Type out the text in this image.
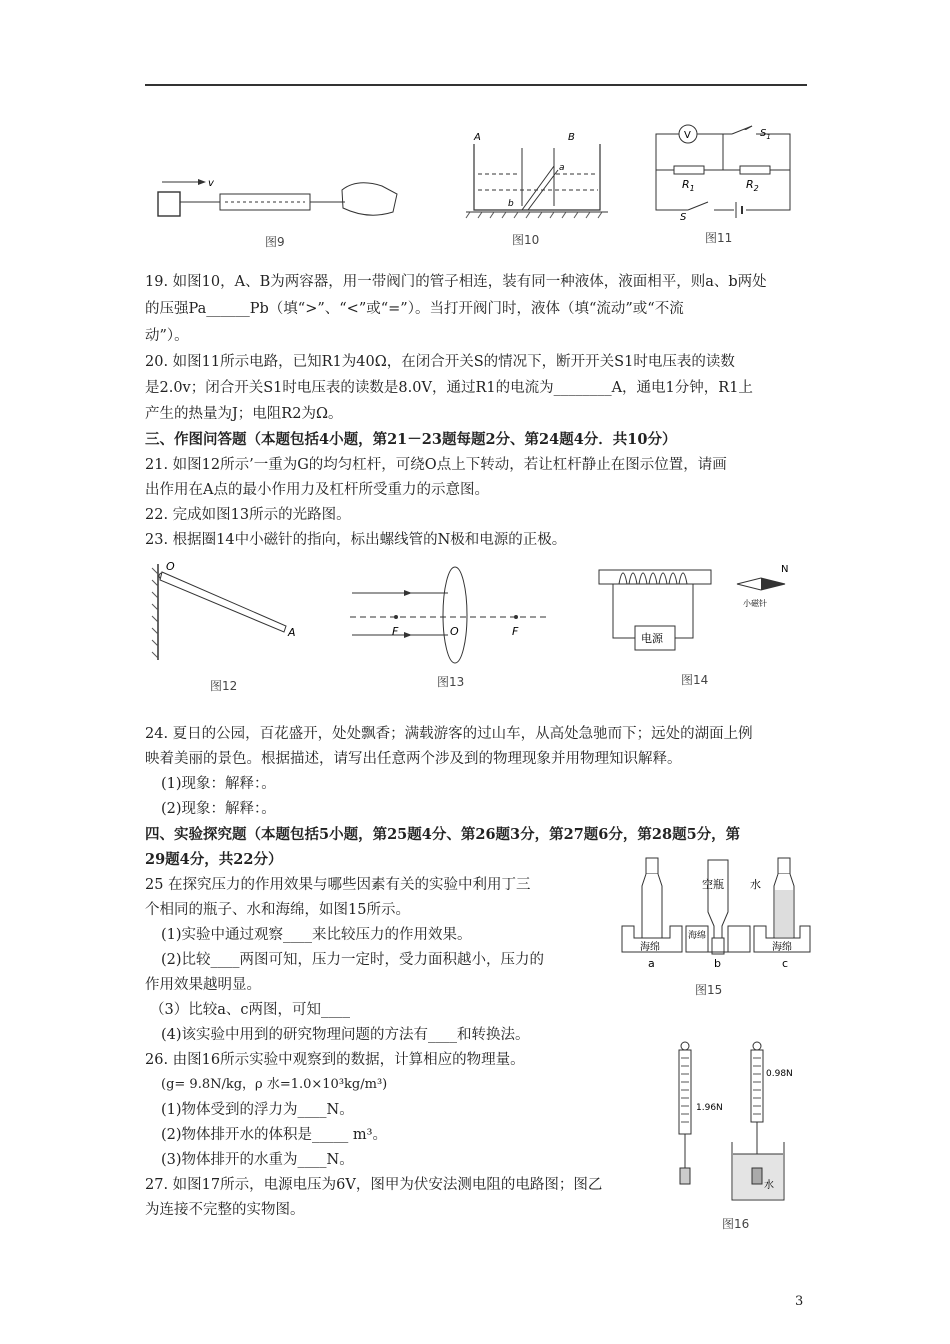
v
图9
A	B
a
b
图10
V	$S_1$
$R_1$	$R_2$
S
图11
19. 如图10，A、B为两容器，用一带阀门的管子相连，装有同一种液体，液面相平，则a、b两处
的压强Pa______Pb（填“>”、“<”或“=”）。当打开阀门时，液体（填“流动”或“不流
动”）。
20. 如图11所示电路，已知R1为40Ω，在闭合开关S的情况下，断开开关S1时电压表的读数
是2.0v；闭合开关S1时电压表的读数是8.0V，通过R1的电流为________A，通电1分钟，R1上
产生的热量为J；电阻R2为Ω。
三、作图问答题（本题包括4小题，第21－23题每题2分、第24题4分．共10分）
21. 如图12所示’一重为G的均匀杠杆，可绕O点上下转动，若让杠杆静止在图示位置，请画
出作用在A点的最小作用力及杠杆所受重力的示意图。
22. 完成如图13所示的光路图。
23. 根据圈14中小磁针的指向，标出螺线管的N极和电源的正极。
O
A
图12
F	O	F
图13
电源
N
小磁针
图14
24. 夏日的公园，百花盛开，处处飘香；满载游客的过山车，从高处急驰而下；远处的湖面上例
映着美丽的景色。根据描述，请写出任意两个涉及到的物理现象并用物理知识解释。
(1)现象：解释：。
(2)现象：解释：。
四、实验探究题（本题包括5小题，第25题4分、第26题3分，第27题6分，第28题5分，第
29题4分，共22分）
25 在探究压力的作用效果与哪些因素有关的实验中利用丁三
个相同的瓶子、水和海绵，如图15所示。
(1)实验中通过观察____来比较压力的作用效果。
(2)比较____两图可知，压力一定时，受力面积越小，压力的
作用效果越明显。
（3）比较a、c两图，可知____
(4)该实验中用到的研究物理问题的方法有____和转换法。
海绵
a
空瓶
海绵
b
水
海绵
c
图15
26. 由图16所示实验中观察到的数据，计算相应的物理量。
(g= 9.8N/kg，ρ 水=1.0×10³kg/m³)
(1)物体受到的浮力为____N。
(2)物体排开水的体积是_____ m³。
(3)物体排开的水重为____N。
27. 如图17所示，电源电压为6V，图甲为伏安法测电阻的电路图；图乙
为连接不完整的实物图。
1.96N
0.98N
水
图16
3
